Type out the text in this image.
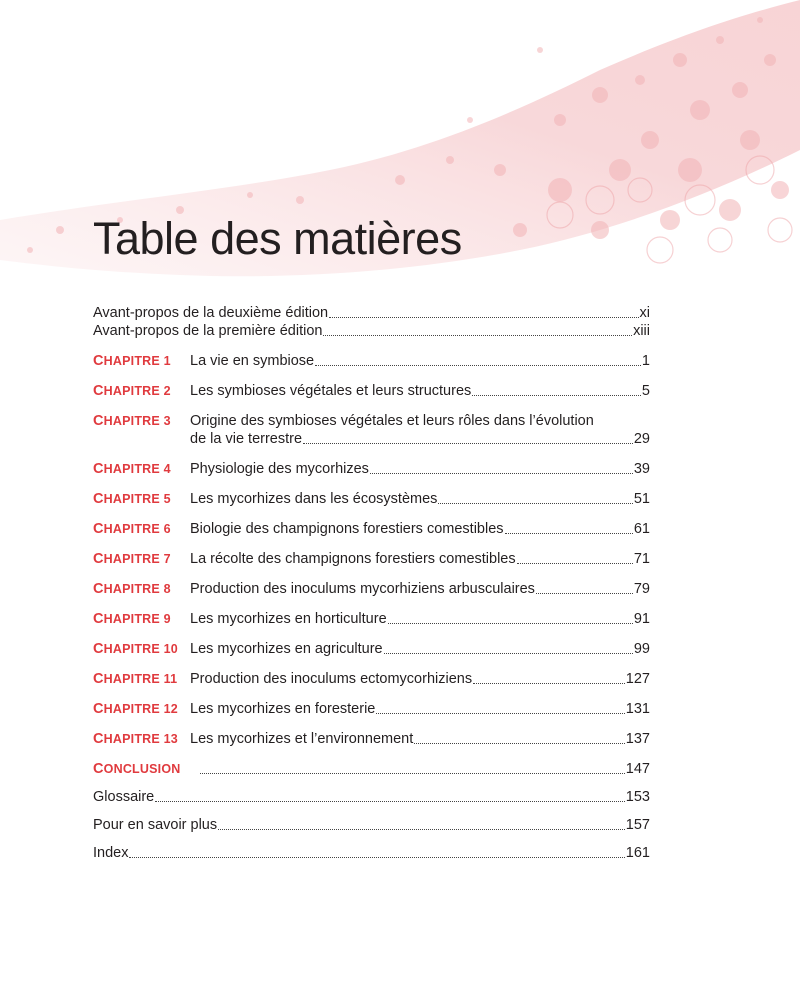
Table des matières
Avant-propos de la deuxième édition	xi
Avant-propos de la première édition	xiii
CHAPITRE 1	La vie en symbiose	1
CHAPITRE 2	Les symbioses végétales et leurs structures	5
CHAPITRE 3	Origine des symbioses végétales et leurs rôles dans l’évolution
de la vie terrestre	29
CHAPITRE 4	Physiologie des mycorhizes	39
CHAPITRE 5	Les mycorhizes dans les écosystèmes	51
CHAPITRE 6	Biologie des champignons forestiers comestibles	61
CHAPITRE 7	La récolte des champignons forestiers comestibles	71
CHAPITRE 8	Production des inoculums mycorhiziens arbusculaires	79
CHAPITRE 9	Les mycorhizes en horticulture	91
CHAPITRE 10 Les mycorhizes en agriculture	99
CHAPITRE 11 Production des inoculums ectomycorhiziens	127
CHAPITRE 12 Les mycorhizes en foresterie	131
CHAPITRE 13 Les mycorhizes et l’environnement	137
CONCLUSION	147
Glossaire	153
Pour en savoir plus	157
Index	161
